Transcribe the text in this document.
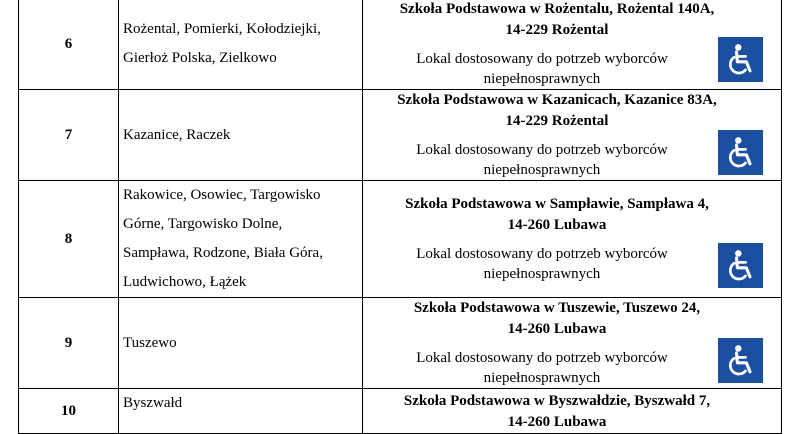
6	Rożental, Pomierki, Kołodziejki,
Gierłoż Polska, Zielkowo	Szkoła Podstawowa w Rożentalu, Rożental 140A,
14-229 Rożental
Lokal dostosowany do potrzeb wyborców
niepełnosprawnych

7	Kazanice, Raczek	Szkoła Podstawowa w Kazanicach, Kazanice 83A,
14-229 Rożental
Lokal dostosowany do potrzeb wyborców
niepełnosprawnych

8	Rakowice, Osowiec, Targowisko
Górne, Targowisko Dolne,
Sampława, Rodzone, Biała Góra,
Ludwichowo, Łążek	Szkoła Podstawowa w Sampławie, Sampława 4,
14-260 Lubawa
Lokal dostosowany do potrzeb wyborców
niepełnosprawnych

9	Tuszewo	Szkoła Podstawowa w Tuszewie, Tuszewo 24,
14-260 Lubawa
Lokal dostosowany do potrzeb wyborców
niepełnosprawnych

10	Byszwałd	Szkoła Podstawowa w Byszwałdzie, Byszwałd 7,
14-260 Lubawa
